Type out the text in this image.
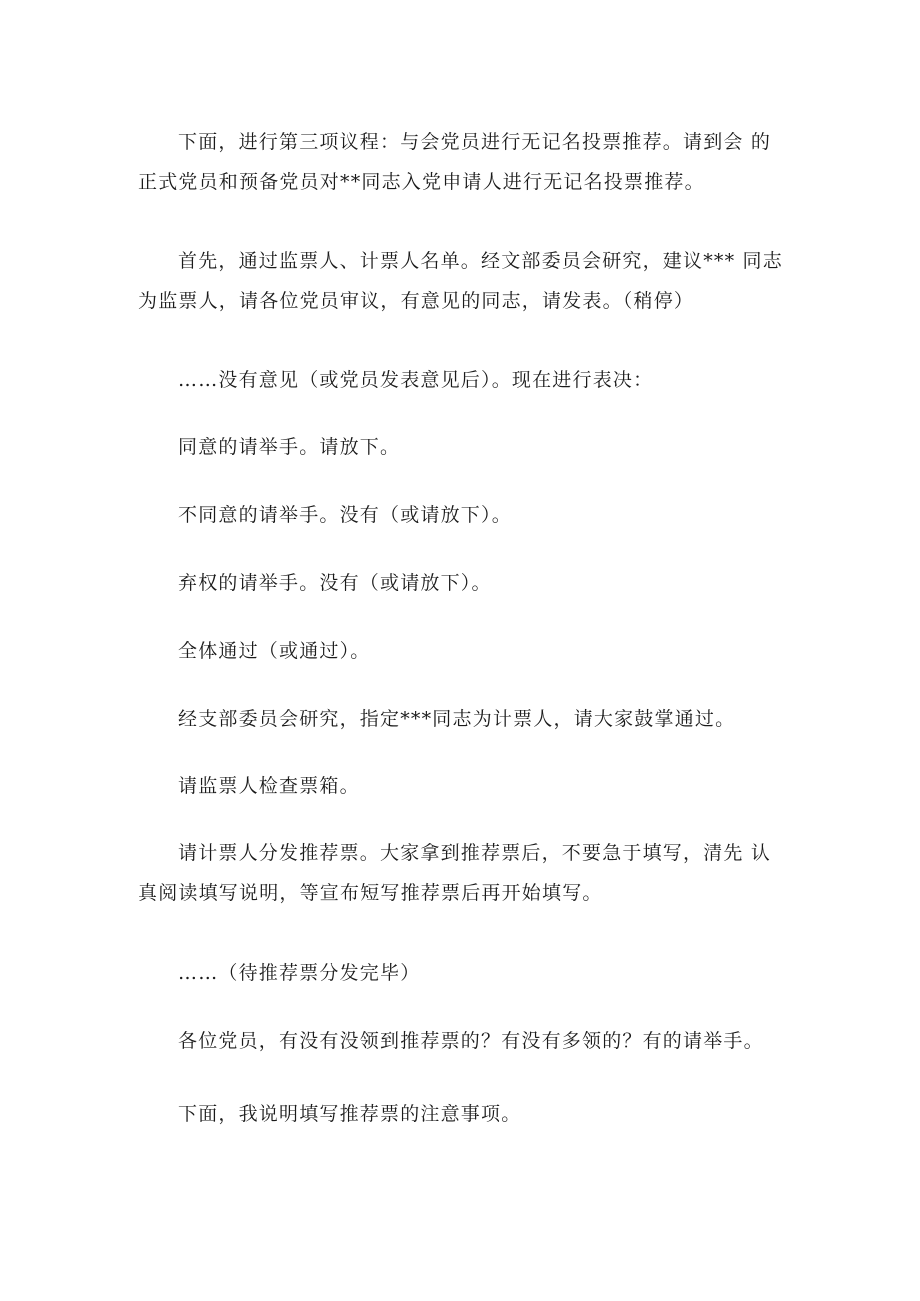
下面，进行第三项议程：与会党员进行无记名投票推荐。请到会 的正式党员和预备党员对**同志入党申请人进行无记名投票推荐。

首先，通过监票人、计票人名单。经文部委员会研究，建议*** 同志为监票人，请各位党员审议，有意见的同志，请发表。（稍停）

……没有意见（或党员发表意见后）。现在进行表决：

同意的请举手。请放下。

不同意的请举手。没有（或请放下）。

弃权的请举手。没有（或请放下）。

全体通过（或通过）。

经支部委员会研究，指定***同志为计票人，请大家鼓掌通过。

请监票人检查票箱。

请计票人分发推荐票。大家拿到推荐票后，不要急于填写，清先 认真阅读填写说明，等宣布短写推荐票后再开始填写。

……（待推荐票分发完毕）

各位党员，有没有没领到推荐票的？有没有多领的？有的请举手。

下面，我说明填写推荐票的注意事项。
